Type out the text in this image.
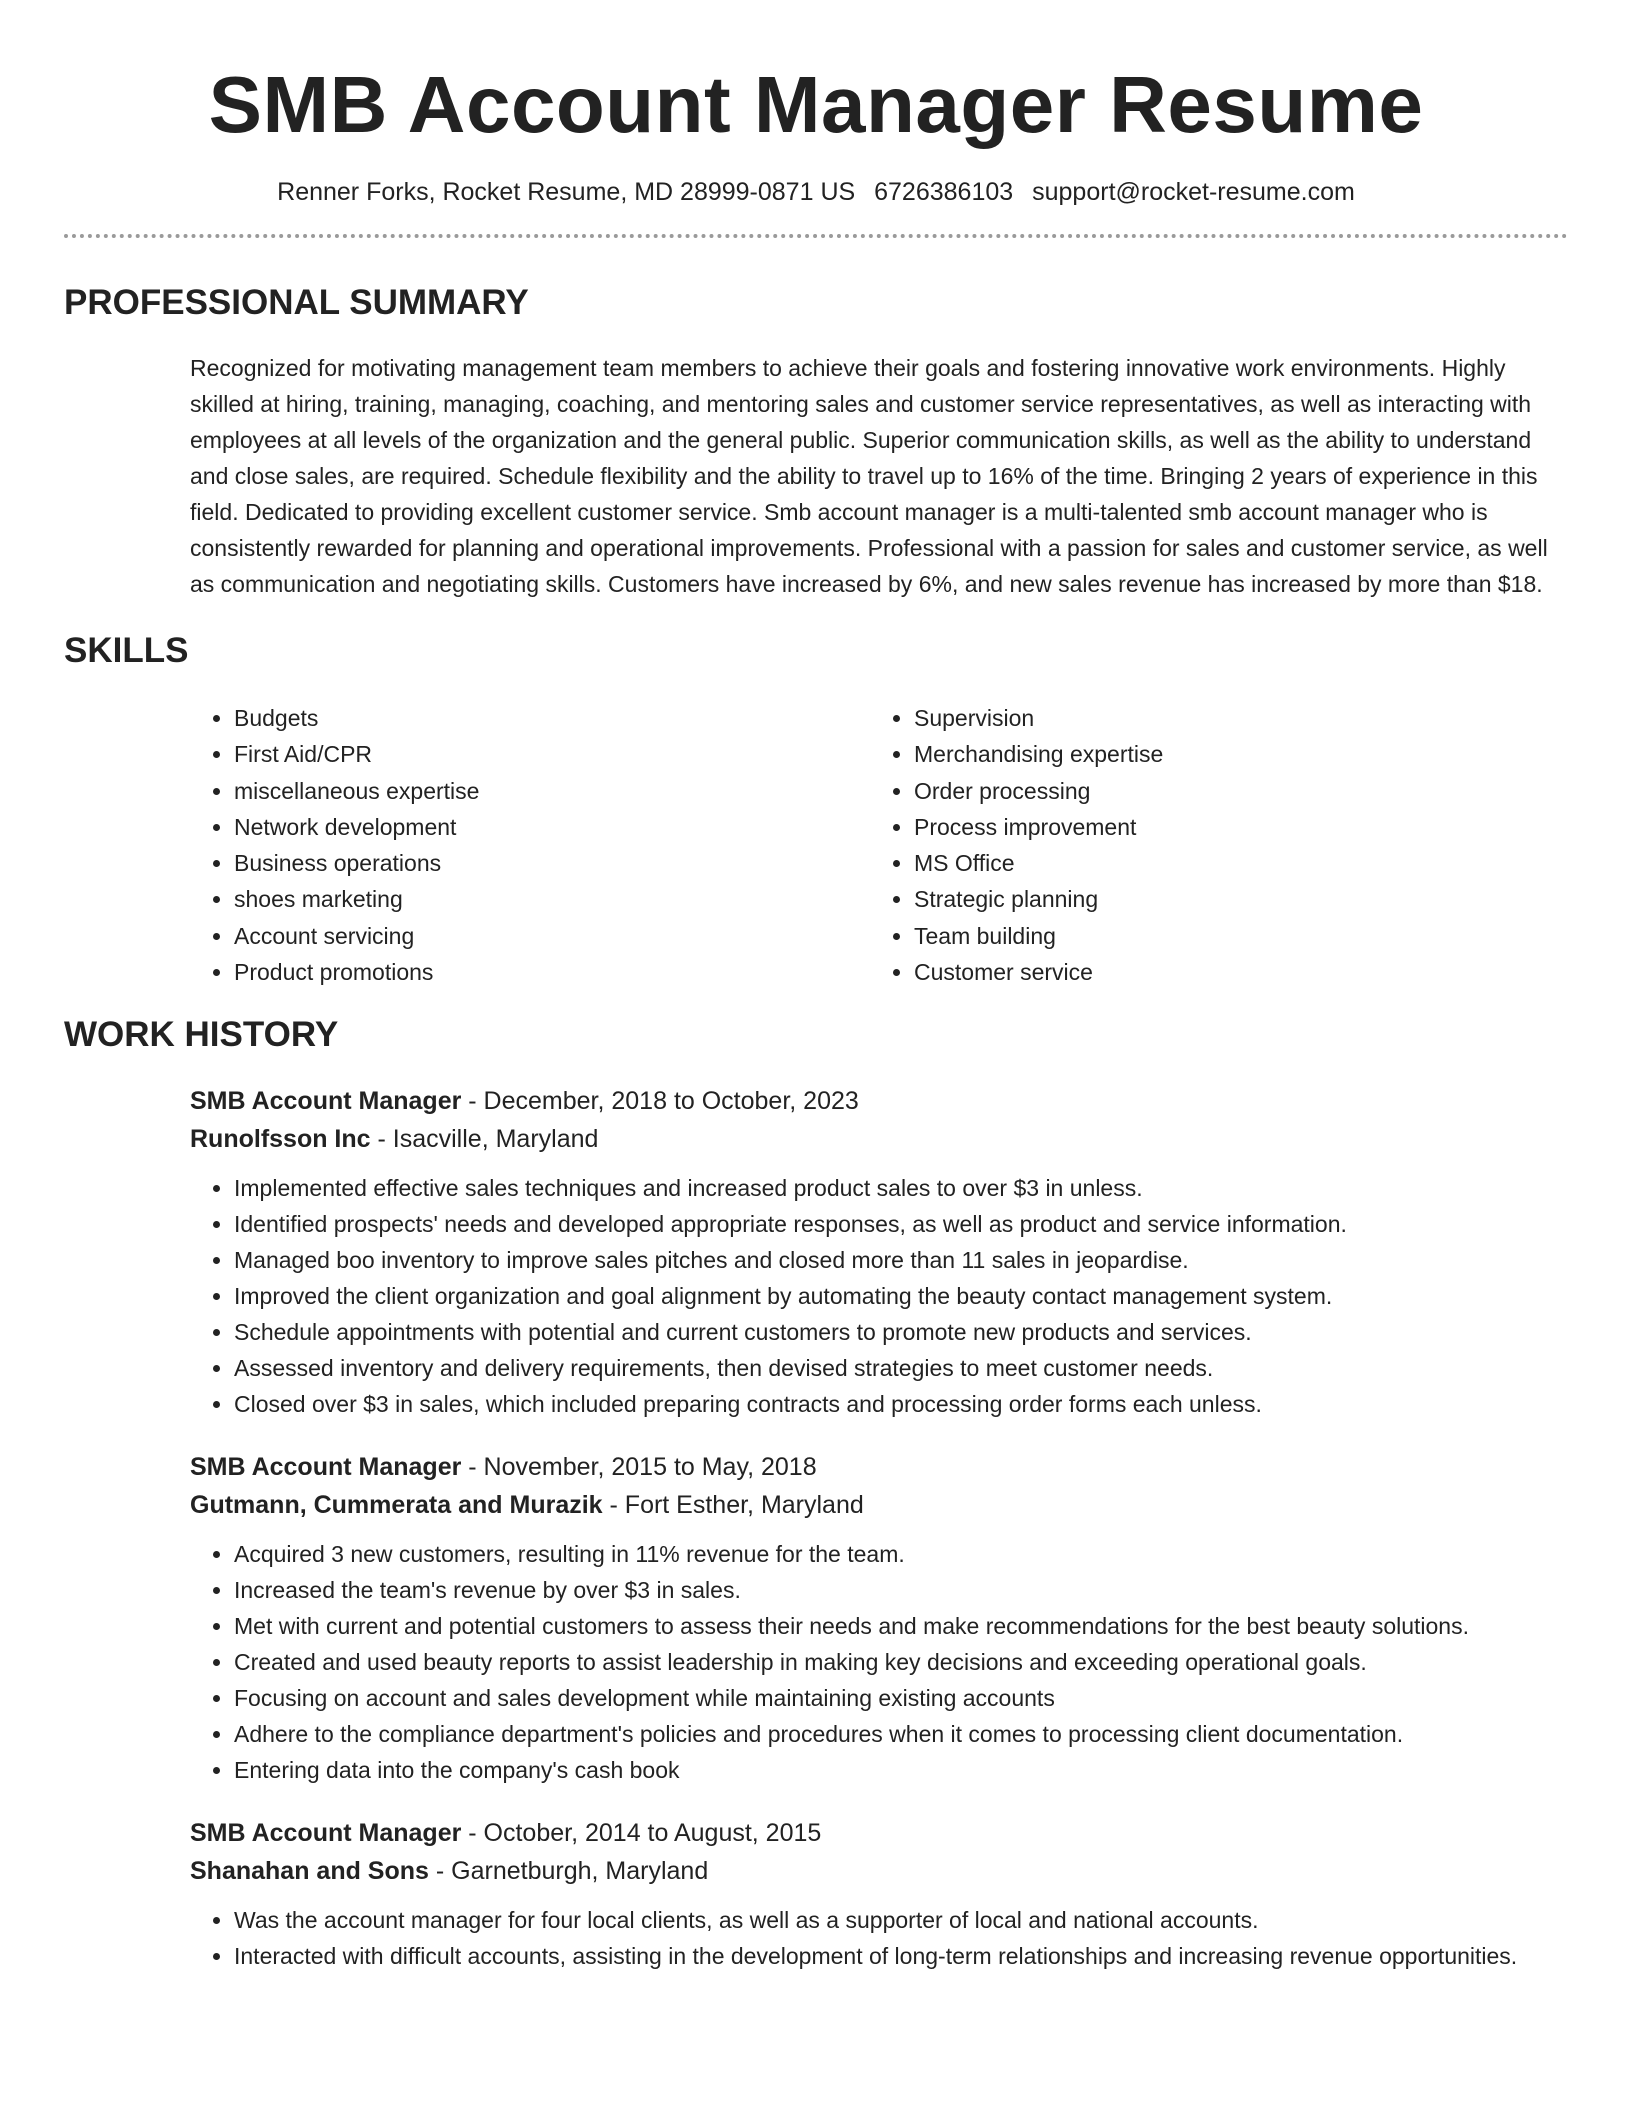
SMB Account Manager Resume
Renner Forks, Rocket Resume, MD 28999-0871 US 6726386103 support@rocket-resume.com
PROFESSIONAL SUMMARY
Recognized for motivating management team members to achieve their goals and fostering innovative work environments. Highly skilled at hiring, training, managing, coaching, and mentoring sales and customer service representatives, as well as interacting with employees at all levels of the organization and the general public. Superior communication skills, as well as the ability to understand and close sales, are required. Schedule flexibility and the ability to travel up to 16% of the time. Bringing 2 years of experience in this field. Dedicated to providing excellent customer service. Smb account manager is a multi-talented smb account manager who is consistently rewarded for planning and operational improvements. Professional with a passion for sales and customer service, as well as communication and negotiating skills. Customers have increased by 6%, and new sales revenue has increased by more than $18.
SKILLS
• Budgets
• First Aid/CPR
• miscellaneous expertise
• Network development
• Business operations
• shoes marketing
• Account servicing
• Product promotions
• Supervision
• Merchandising expertise
• Order processing
• Process improvement
• MS Office
• Strategic planning
• Team building
• Customer service
WORK HISTORY
SMB Account Manager - December, 2018 to October, 2023
Runolfsson Inc - Isacville, Maryland
• Implemented effective sales techniques and increased product sales to over $3 in unless.
• Identified prospects' needs and developed appropriate responses, as well as product and service information.
• Managed boo inventory to improve sales pitches and closed more than 11 sales in jeopardise.
• Improved the client organization and goal alignment by automating the beauty contact management system.
• Schedule appointments with potential and current customers to promote new products and services.
• Assessed inventory and delivery requirements, then devised strategies to meet customer needs.
• Closed over $3 in sales, which included preparing contracts and processing order forms each unless.
SMB Account Manager - November, 2015 to May, 2018
Gutmann, Cummerata and Murazik - Fort Esther, Maryland
• Acquired 3 new customers, resulting in 11% revenue for the team.
• Increased the team's revenue by over $3 in sales.
• Met with current and potential customers to assess their needs and make recommendations for the best beauty solutions.
• Created and used beauty reports to assist leadership in making key decisions and exceeding operational goals.
• Focusing on account and sales development while maintaining existing accounts
• Adhere to the compliance department's policies and procedures when it comes to processing client documentation.
• Entering data into the company's cash book
SMB Account Manager - October, 2014 to August, 2015
Shanahan and Sons - Garnetburgh, Maryland
• Was the account manager for four local clients, as well as a supporter of local and national accounts.
• Interacted with difficult accounts, assisting in the development of long-term relationships and increasing revenue opportunities.
